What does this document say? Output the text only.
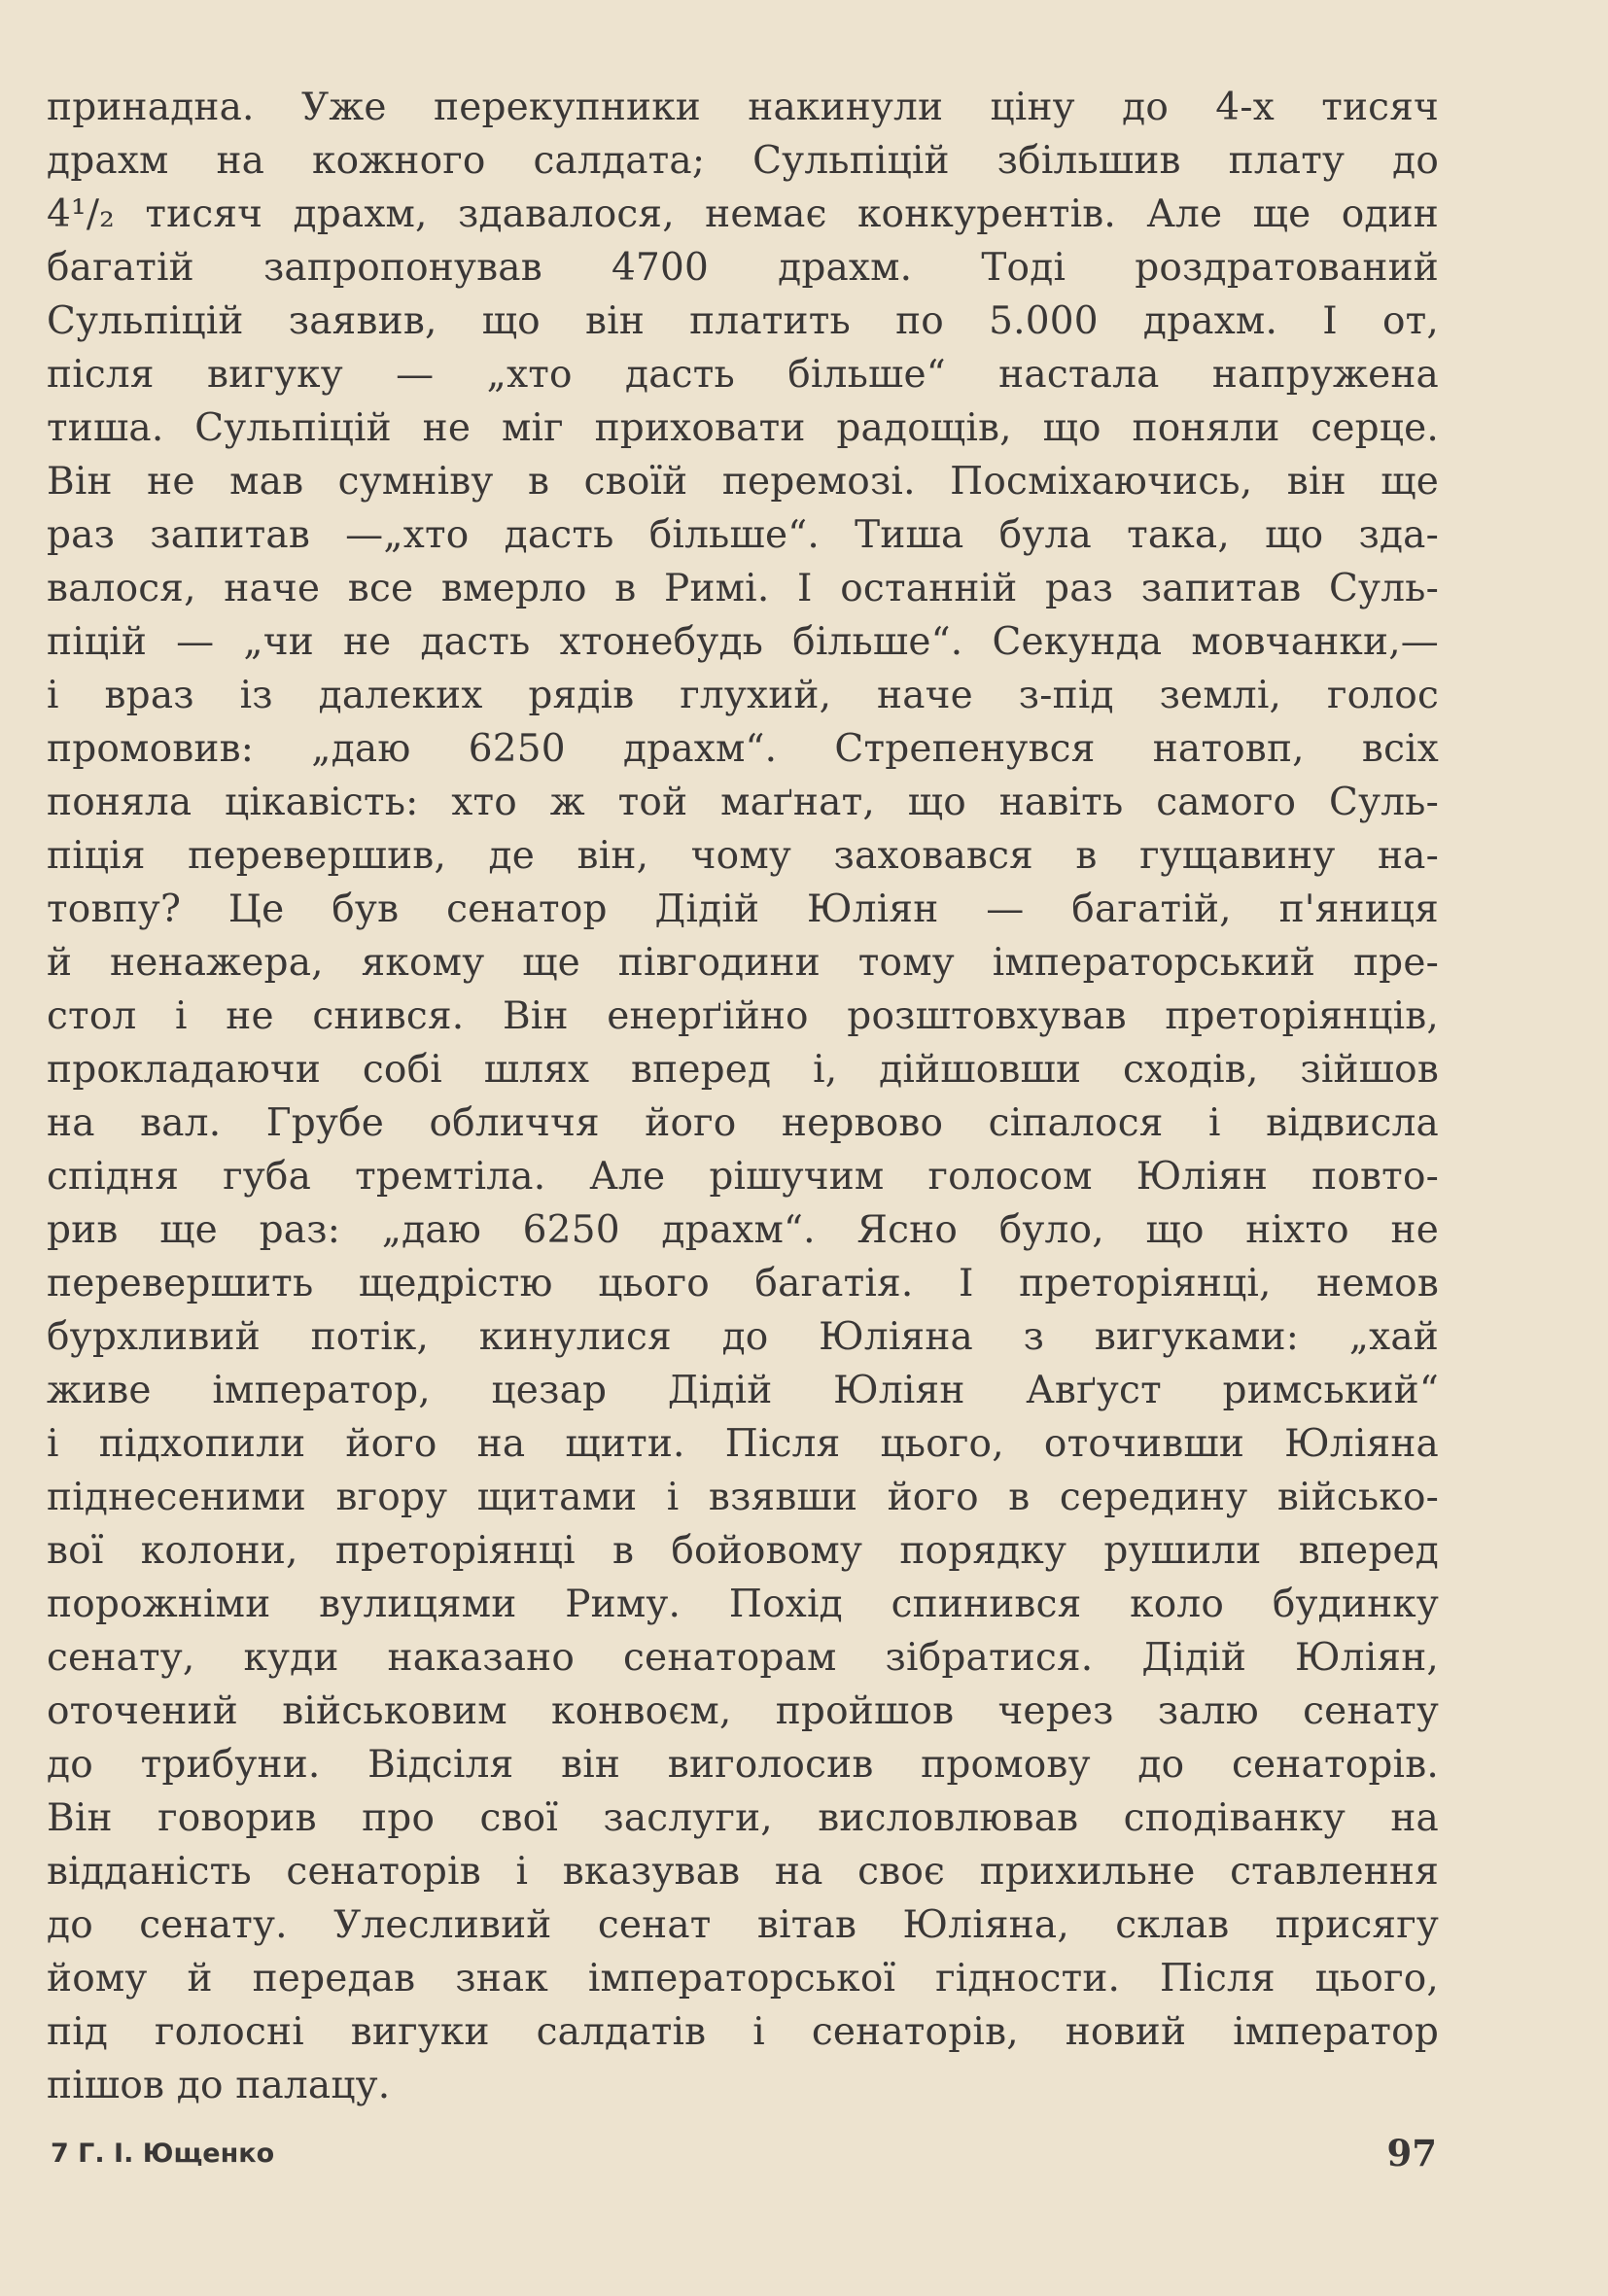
принадна. Уже перекупники накинули ціну до 4-х тисяч
драхм на кожного салдата; Сульпіцій збільшив плату до
4¹/₂ тисяч драхм, здавалося, немає конкурентів. Але ще один
багатій запропонував 4700 драхм. Тоді роздратований
Сульпіцій заявив, що він платить по 5.000 драхм. І от,
після вигуку — „хто дасть більше“ настала напружена
тиша. Сульпіцій не міг приховати радощів, що поняли серце.
Він не мав сумніву в своїй перемозі. Посміхаючись, він ще
раз запитав —„хто дасть більше“. Тиша була така, що зда-
валося, наче все вмерло в Римі. І останній раз запитав Суль-
піцій — „чи не дасть хтонебудь більше“. Секунда мовчанки,—
і враз із далеких рядів глухий, наче з-під землі, голос
промовив: „даю 6250 драхм“. Стрепенувся натовп, всіх
поняла цікавість: хто ж той маґнат, що навіть самого Суль-
піція перевершив, де він, чому заховався в гущавину на-
товпу? Це був сенатор Дідій Юліян — багатій, п'яниця
й ненажера, якому ще півгодини тому імператорський пре-
стол і не снився. Він енерґійно розштовхував преторіянців,
прокладаючи собі шлях вперед і, дійшовши сходів, зійшов
на вал. Грубе обличчя його нервово сіпалося і відвисла
спідня губа тремтіла. Але рішучим голосом Юліян повто-
рив ще раз: „даю 6250 драхм“. Ясно було, що ніхто не
перевершить щедрістю цього багатія. І преторіянці, немов
бурхливий потік, кинулися до Юліяна з вигуками: „хай
живе імператор, цезар Дідій Юліян Авґуст римський“
і підхопили його на щити. Після цього, оточивши Юліяна
піднесеними вгору щитами і взявши його в середину військо-
вої колони, преторіянці в бойовому порядку рушили вперед
порожніми вулицями Риму. Похід спинився коло будинку
сенату, куди наказано сенаторам зібратися. Дідій Юліян,
оточений військовим конвоєм, пройшов через залю сенату
до трибуни. Відсіля він виголосив промову до сенаторів.
Він говорив про свої заслуги, висловлював сподіванку на
відданість сенаторів і вказував на своє прихильне ставлення
до сенату. Улесливий сенат вітав Юліяна, склав присягу
йому й передав знак імператорської гідности. Після цього,
під голосні вигуки салдатів і сенаторів, новий імператор
пішов до палацу.
7 Г. І. Ющенко	97
